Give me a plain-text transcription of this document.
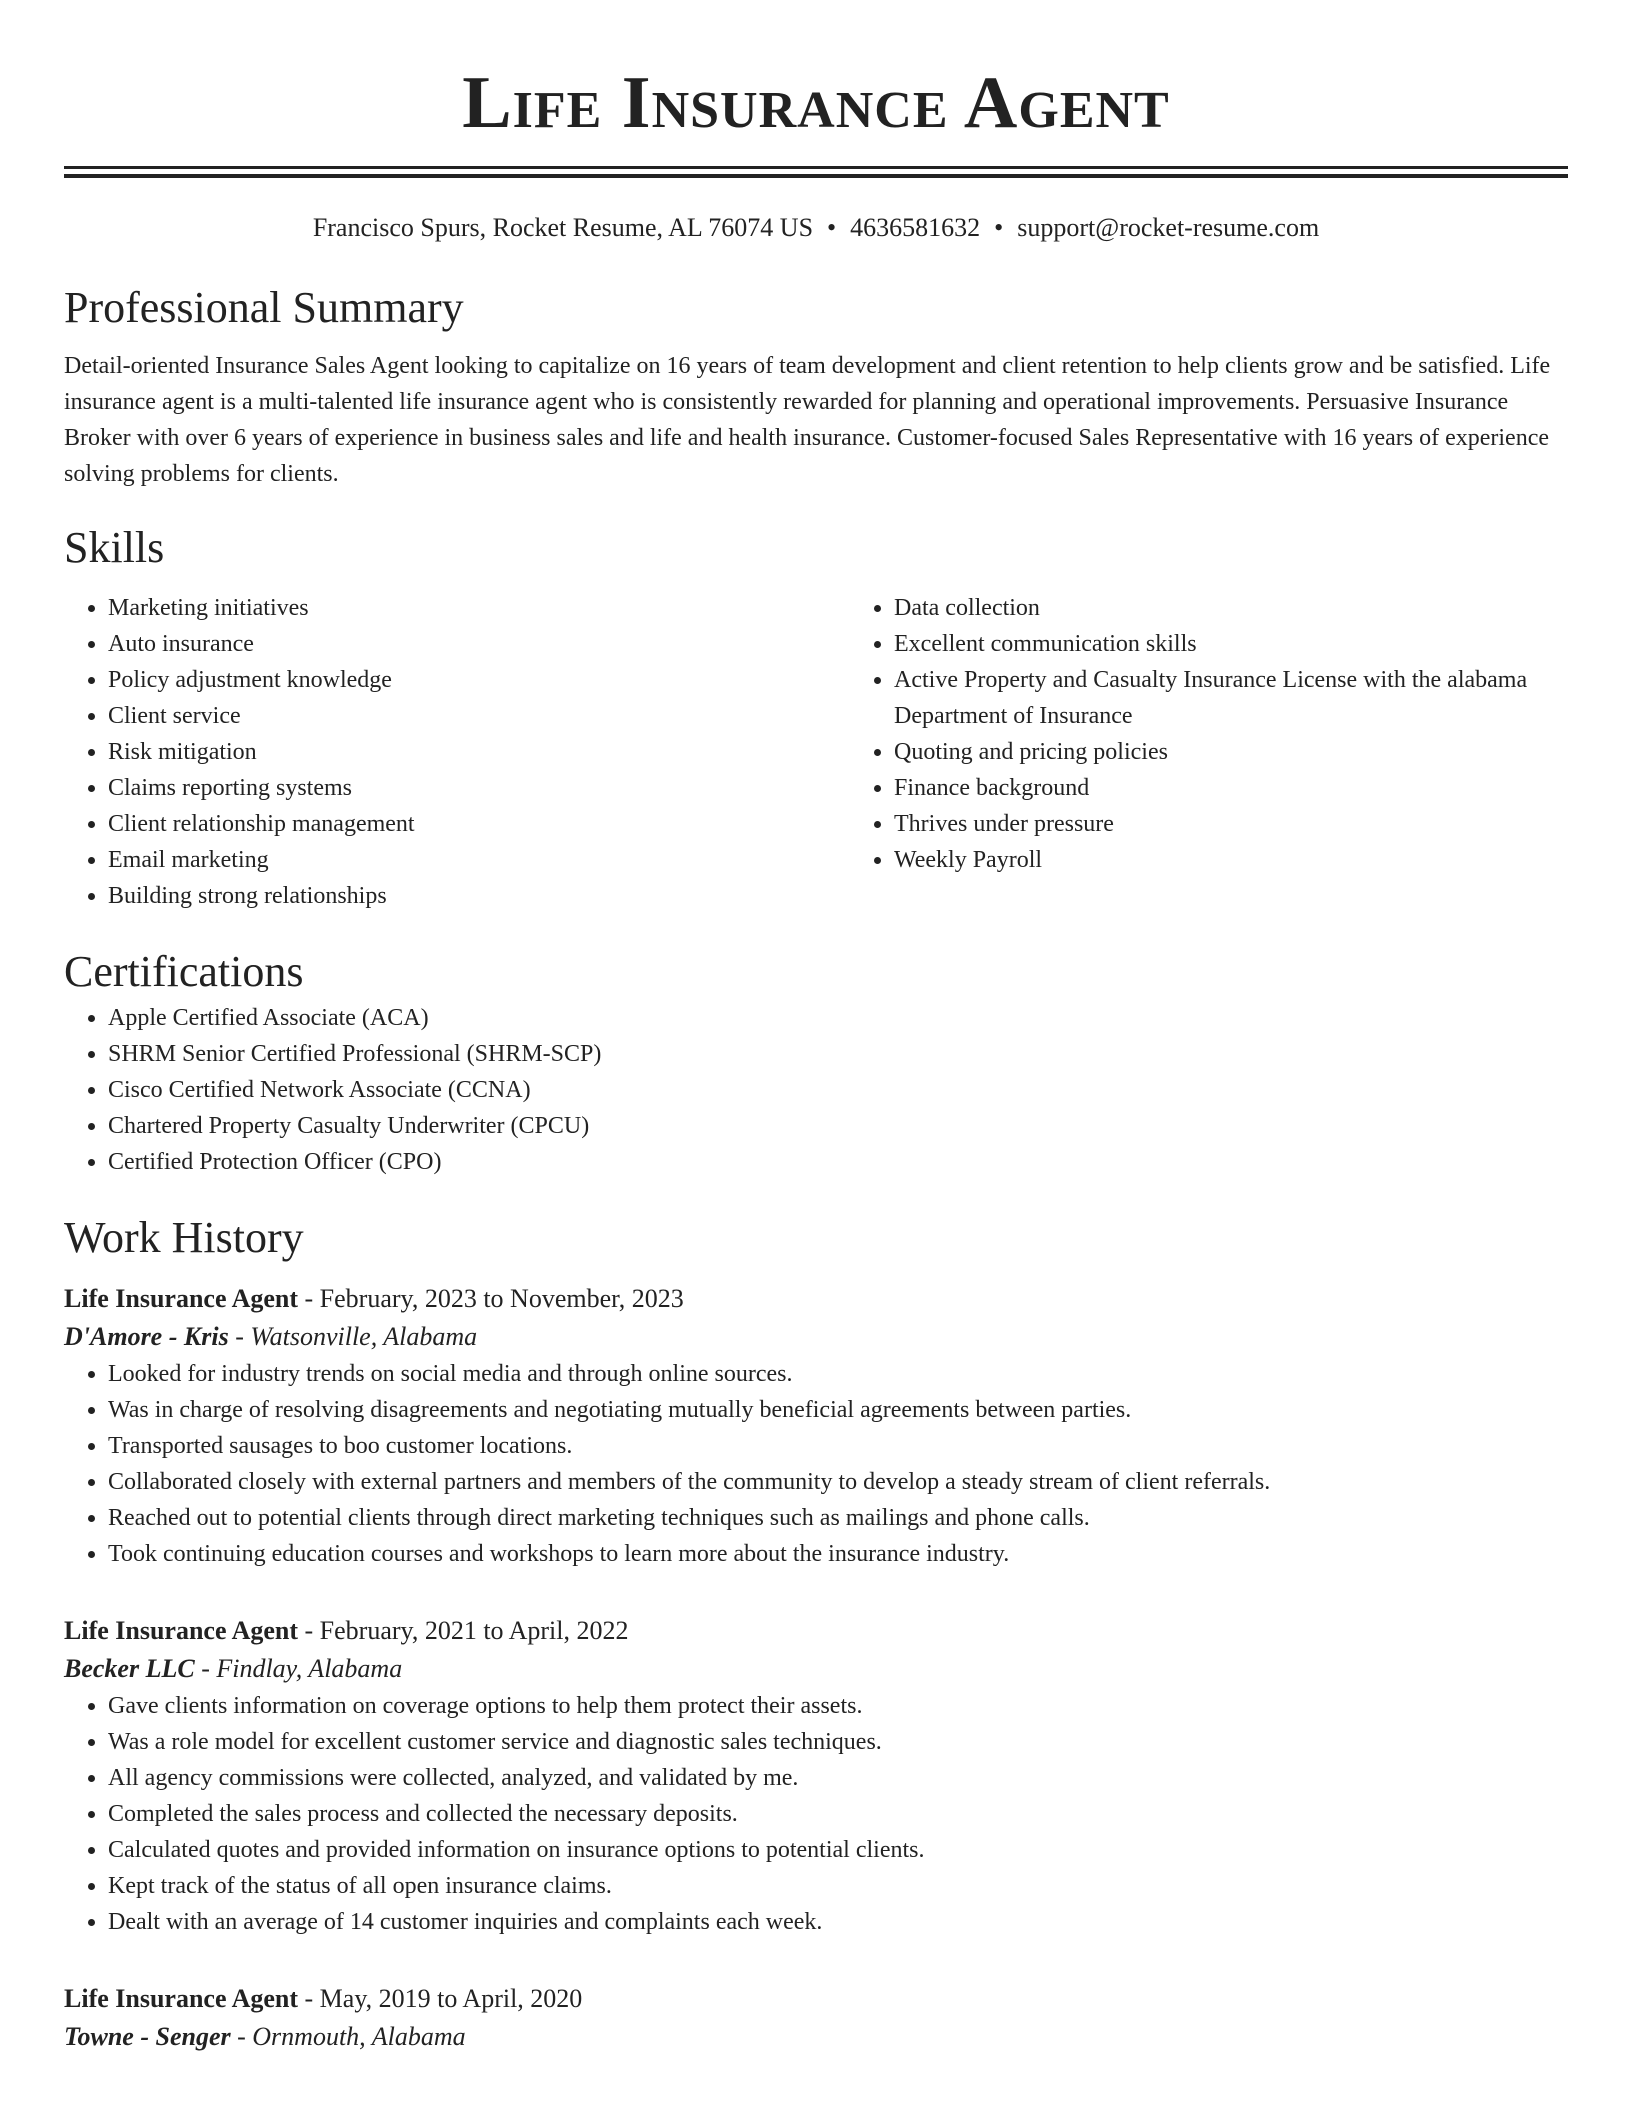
Life Insurance Agent
Francisco Spurs, Rocket Resume, AL 76074 US • 4636581632 • support@rocket-resume.com
Professional Summary

Detail-oriented Insurance Sales Agent looking to capitalize on 16 years of team development and client retention to help clients grow and be satisfied. Life insurance agent is a multi-talented life insurance agent who is consistently rewarded for planning and operational improvements. Persuasive Insurance Broker with over 6 years of experience in business sales and life and health insurance. Customer-focused Sales Representative with 16 years of experience solving problems for clients.

Skills
• Marketing initiatives
• Auto insurance
• Policy adjustment knowledge
• Client service
• Risk mitigation
• Claims reporting systems
• Client relationship management
• Email marketing
• Building strong relationships
• Data collection
• Excellent communication skills
• Active Property and Casualty Insurance License with the alabama Department of Insurance
• Quoting and pricing policies
• Finance background
• Thrives under pressure
• Weekly Payroll
Certifications
• Apple Certified Associate (ACA)
• SHRM Senior Certified Professional (SHRM-SCP)
• Cisco Certified Network Associate (CCNA)
• Chartered Property Casualty Underwriter (CPCU)
• Certified Protection Officer (CPO)
Work History
Life Insurance Agent - February, 2023 to November, 2023
D'Amore - Kris - Watsonville, Alabama
• Looked for industry trends on social media and through online sources.
• Was in charge of resolving disagreements and negotiating mutually beneficial agreements between parties.
• Transported sausages to boo customer locations.
• Collaborated closely with external partners and members of the community to develop a steady stream of client referrals.
• Reached out to potential clients through direct marketing techniques such as mailings and phone calls.
• Took continuing education courses and workshops to learn more about the insurance industry.
Life Insurance Agent - February, 2021 to April, 2022
Becker LLC - Findlay, Alabama
• Gave clients information on coverage options to help them protect their assets.
• Was a role model for excellent customer service and diagnostic sales techniques.
• All agency commissions were collected, analyzed, and validated by me.
• Completed the sales process and collected the necessary deposits.
• Calculated quotes and provided information on insurance options to potential clients.
• Kept track of the status of all open insurance claims.
• Dealt with an average of 14 customer inquiries and complaints each week.
Life Insurance Agent - May, 2019 to April, 2020
Towne - Senger - Ornmouth, Alabama
